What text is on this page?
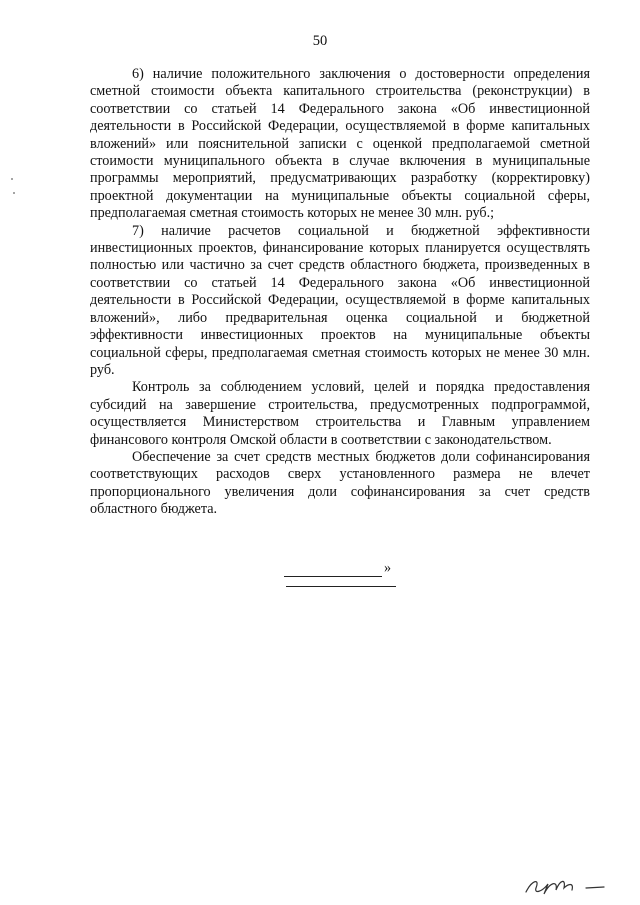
50

6) наличие положительного заключения о достоверности определения сметной стоимости объекта капитального строительства (реконструкции) в соответствии со статьей 14 Федерального закона «Об инвестиционной деятельности в Российской Федерации, осуществляемой в форме капитальных вложений» или пояснительной записки с оценкой предполагаемой сметной стоимости муниципального объекта в случае включения в муниципальные программы мероприятий, предусматривающих разработку (корректировку) проектной документации на муниципальные объекты социальной сферы, предполагаемая сметная стоимость которых не менее 30 млн. руб.;

7) наличие расчетов социальной и бюджетной эффективности инвестиционных проектов, финансирование которых планируется осуществлять полностью или частично за счет средств областного бюджета, произведенных в соответствии со статьей 14 Федерального закона «Об инвестиционной деятельности в Российской Федерации, осуществляемой в форме капитальных вложений», либо предварительная оценка социальной и бюджетной эффективности инвестиционных проектов на муниципальные объекты социальной сферы, предполагаемая сметная стоимость которых не менее 30 млн. руб.

Контроль за соблюдением условий, целей и порядка предоставления субсидий на завершение строительства, предусмотренных подпрограммой, осуществляется Министерством строительства и Главным управлением финансового контроля Омской области в соответствии с законодательством.

Обеспечение за счет средств местных бюджетов доли софинансирования соответствующих расходов сверх установленного размера не влечет пропорционального увеличения доли софинансирования за счет средств областного бюджета.

»
